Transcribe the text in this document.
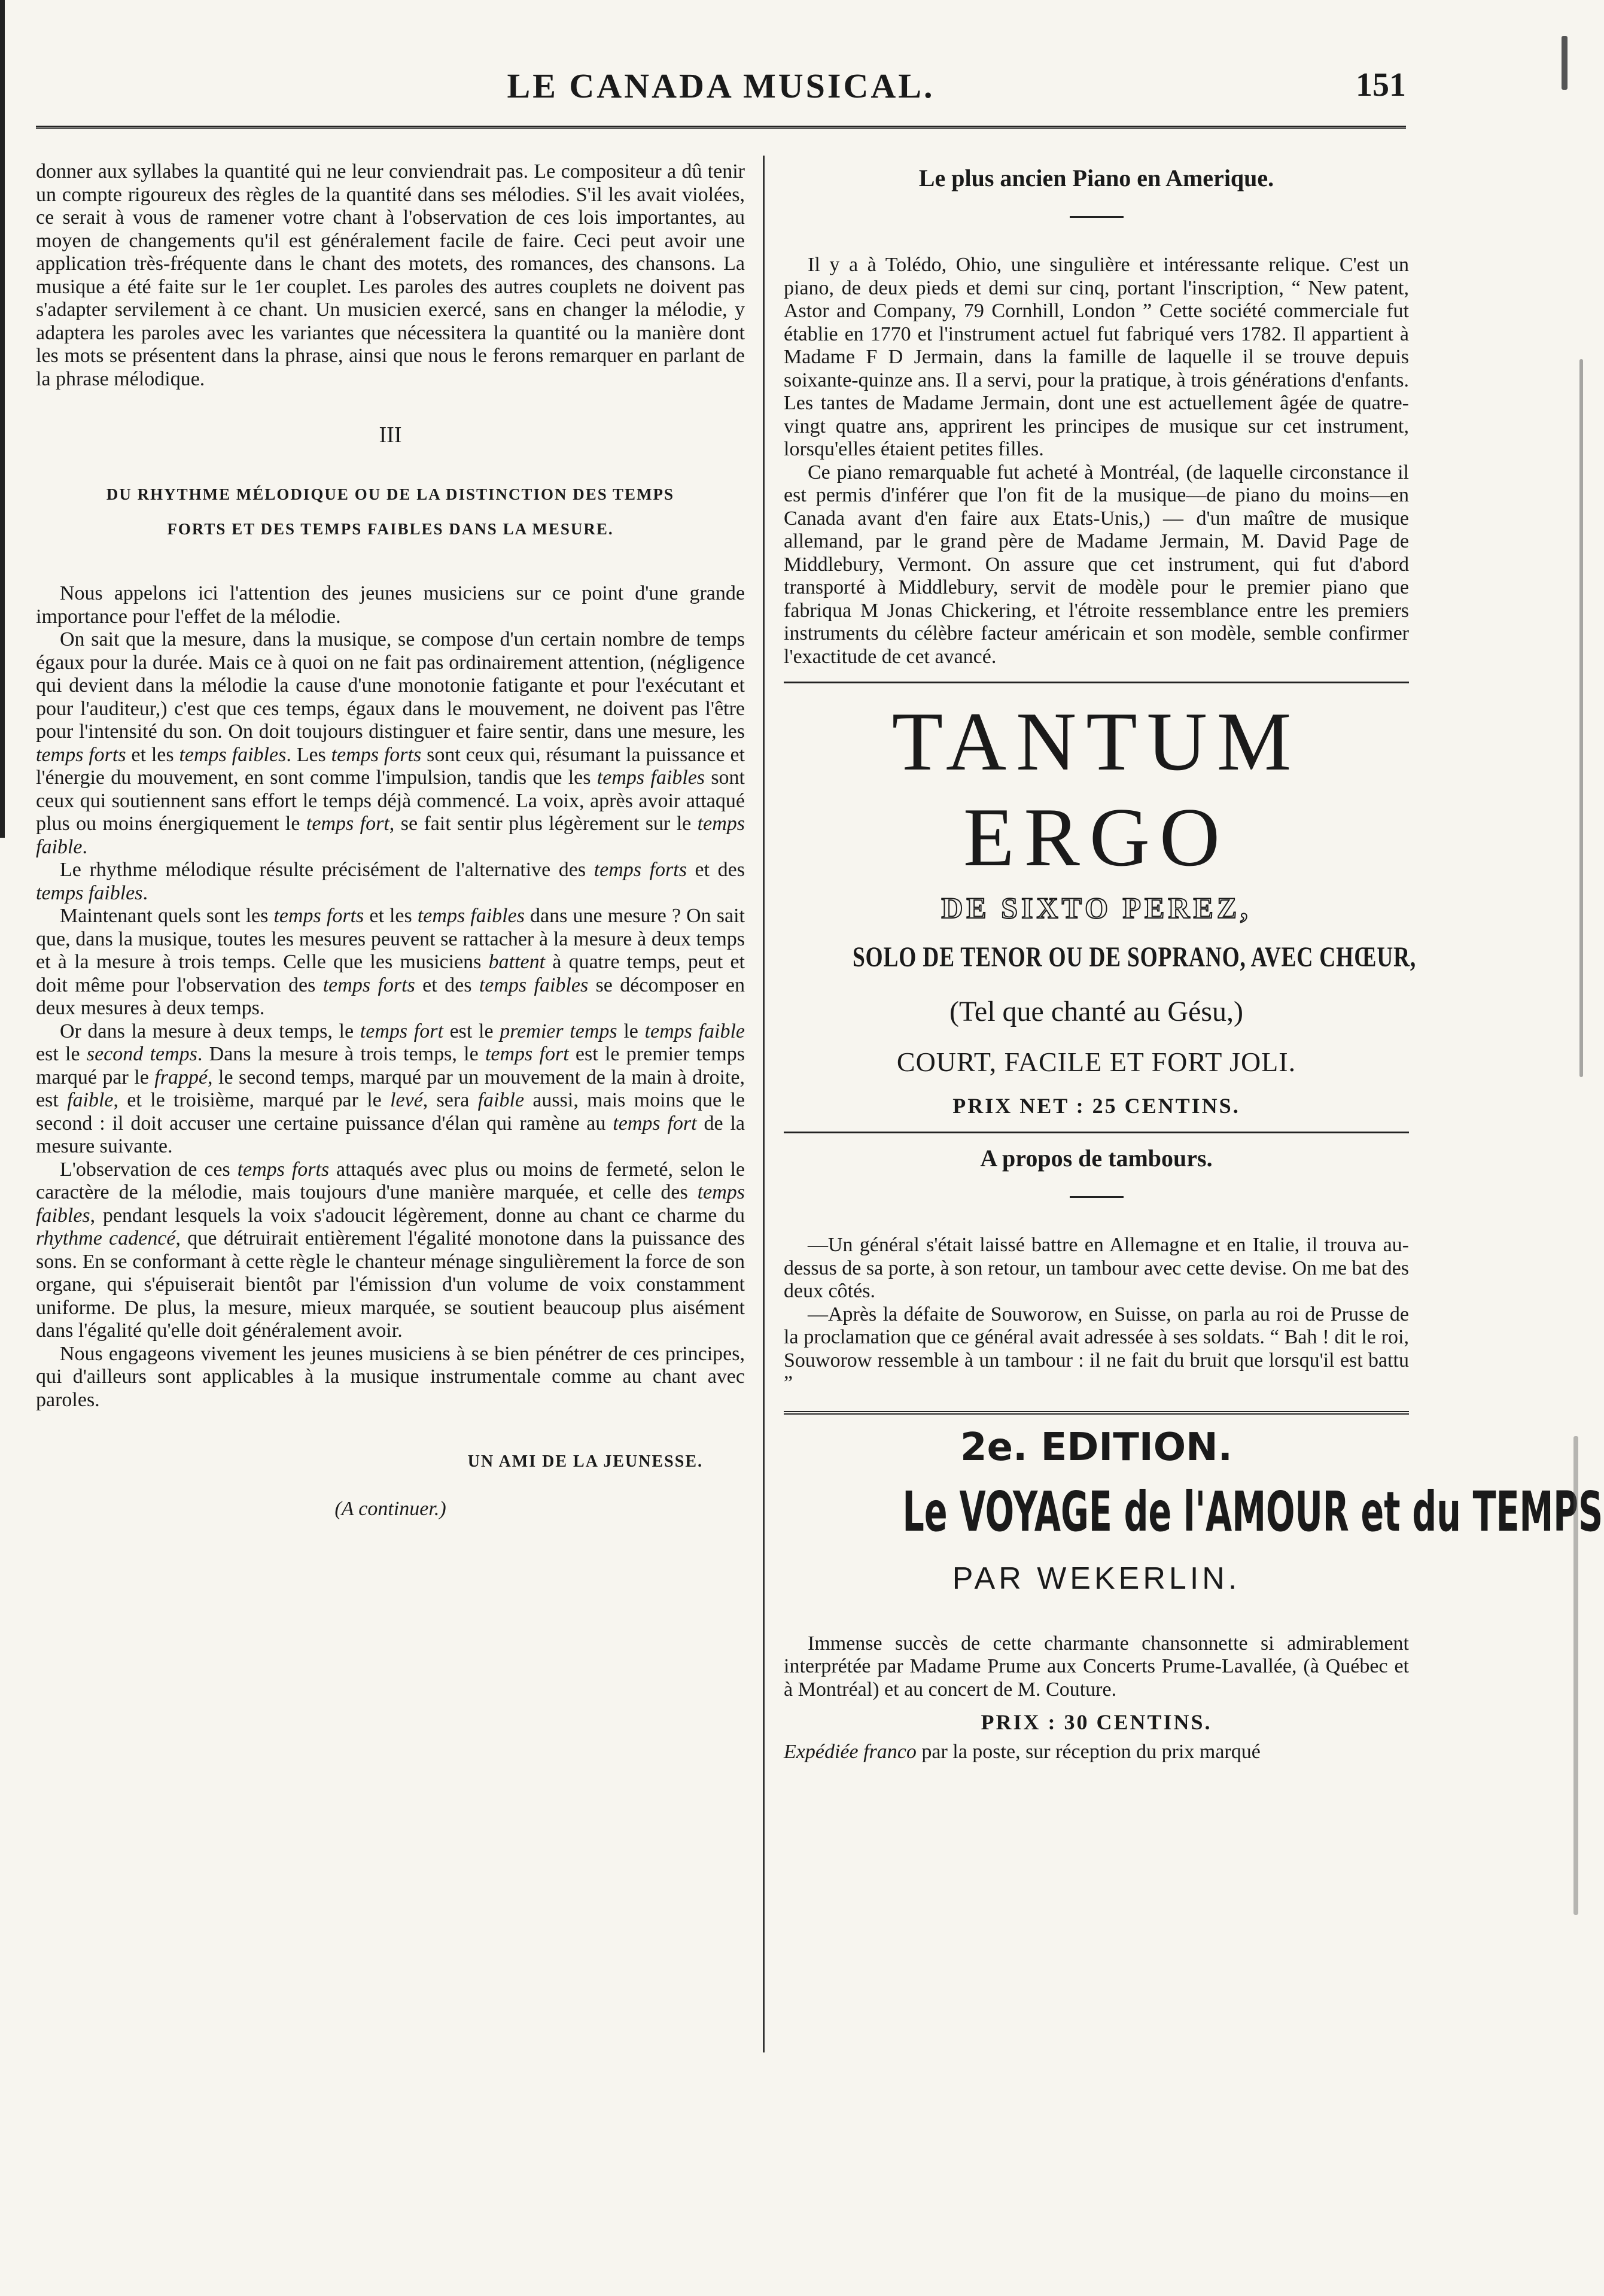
LE CANADA MUSICAL.	151

donner aux syllabes la quantité qui ne leur conviendrait pas. Le compositeur a dû tenir un compte rigoureux des règles de la quantité dans ses mélodies. S'il les avait violées, ce serait à vous de ramener votre chant à l'observation de ces lois importantes, au moyen de changements qu'il est généralement facile de faire. Ceci peut avoir une application très-fréquente dans le chant des motets, des romances, des chansons. La musique a été faite sur le 1er couplet. Les paroles des autres couplets ne doivent pas s'adapter servilement à ce chant. Un musicien exercé, sans en changer la mélodie, y adaptera les paroles avec les variantes que nécessitera la quantité ou la manière dont les mots se présentent dans la phrase, ainsi que nous le ferons remarquer en parlant de la phrase mélodique.

III
DU RHYTHME MÉLODIQUE OU DE LA DISTINCTION DES TEMPS
FORTS ET DES TEMPS FAIBLES DANS LA MESURE.

Nous appelons ici l'attention des jeunes musiciens sur ce point d'une grande importance pour l'effet de la mélodie.

On sait que la mesure, dans la musique, se compose d'un certain nombre de temps égaux pour la durée. Mais ce à quoi on ne fait pas ordinairement attention, (négligence qui devient dans la mélodie la cause d'une monotonie fatigante et pour l'exécutant et pour l'auditeur,) c'est que ces temps, égaux dans le mouvement, ne doivent pas l'être pour l'intensité du son. On doit toujours distinguer et faire sentir, dans une mesure, les temps forts et les temps faibles. Les temps forts sont ceux qui, résumant la puissance et l'énergie du mouvement, en sont comme l'impulsion, tandis que les temps faibles sont ceux qui soutiennent sans effort le temps déjà commencé. La voix, après avoir attaqué plus ou moins énergiquement le temps fort, se fait sentir plus légèrement sur le temps faible.

Le rhythme mélodique résulte précisément de l'alternative des temps forts et des temps faibles.

Maintenant quels sont les temps forts et les temps faibles dans une mesure ? On sait que, dans la musique, toutes les mesures peuvent se rattacher à la mesure à deux temps et à la mesure à trois temps. Celle que les musiciens battent à quatre temps, peut et doit même pour l'observation des temps forts et des temps faibles se décomposer en deux mesures à deux temps.

Or dans la mesure à deux temps, le temps fort est le premier temps le temps faible est le second temps. Dans la mesure à trois temps, le temps fort est le premier temps marqué par le frappé, le second temps, marqué par un mouvement de la main à droite, est faible, et le troisième, marqué par le levé, sera faible aussi, mais moins que le second : il doit accuser une certaine puissance d'élan qui ramène au temps fort de la mesure suivante.

L'observation de ces temps forts attaqués avec plus ou moins de fermeté, selon le caractère de la mélodie, mais toujours d'une manière marquée, et celle des temps faibles, pendant lesquels la voix s'adoucit légèrement, donne au chant ce charme du rhythme cadencé, que détruirait entièrement l'égalité monotone dans la puissance des sons. En se conformant à cette règle le chanteur ménage singulièrement la force de son organe, qui s'épuiserait bientôt par l'émission d'un volume de voix constamment uniforme. De plus, la mesure, mieux marquée, se soutient beaucoup plus aisément dans l'égalité qu'elle doit généralement avoir.

Nous engageons vivement les jeunes musiciens à se bien pénétrer de ces principes, qui d'ailleurs sont applicables à la musique instrumentale comme au chant avec paroles.

UN AMI DE LA JEUNESSE.
(A continuer.)
Le plus ancien Piano en Amerique.

Il y a à Tolédo, Ohio, une singulière et intéressante relique. C'est un piano, de deux pieds et demi sur cinq, portant l'inscription, “ New patent, Astor and Company, 79 Cornhill, London ” Cette société commerciale fut établie en 1770 et l'instrument actuel fut fabriqué vers 1782. Il appartient à Madame F D Jermain, dans la famille de laquelle il se trouve depuis soixante-quinze ans. Il a servi, pour la pratique, à trois générations d'enfants. Les tantes de Madame Jermain, dont une est actuellement âgée de quatre-vingt quatre ans, apprirent les principes de musique sur cet instrument, lorsqu'elles étaient petites filles.

Ce piano remarquable fut acheté à Montréal, (de laquelle circonstance il est permis d'inférer que l'on fit de la musique—de piano du moins—en Canada avant d'en faire aux Etats-Unis,) — d'un maître de musique allemand, par le grand père de Madame Jermain, M. David Page de Middlebury, Vermont. On assure que cet instrument, qui fut d'abord transporté à Middlebury, servit de modèle pour le premier piano que fabriqua M Jonas Chickering, et l'étroite ressemblance entre les premiers instruments du célèbre facteur américain et son modèle, semble confirmer l'exactitude de cet avancé.

TANTUM ERGO
DE SIXTO PEREZ,
SOLO DE TENOR OU DE SOPRANO, AVEC CHŒUR,
(Tel que chanté au Gésu,)
COURT, FACILE ET FORT JOLI.
PRIX NET : 25 CENTINS.
A propos de tambours.

—Un général s'était laissé battre en Allemagne et en Italie, il trouva au-dessus de sa porte, à son retour, un tambour avec cette devise. On me bat des deux côtés.

—Après la défaite de Souworow, en Suisse, on parla au roi de Prusse de la proclamation que ce général avait adressée à ses soldats. “ Bah ! dit le roi, Souworow ressemble à un tambour : il ne fait du bruit que lorsqu'il est battu ”

2e. EDITION.
Le VOYAGE de l'AMOUR et du TEMPS
PAR WEKERLIN.

Immense succès de cette charmante chansonnette si admirablement interprétée par Madame Prume aux Concerts Prume-Lavallée, (à Québec et à Montréal) et au concert de M. Couture.

PRIX : 30 CENTINS.

Expédiée franco par la poste, sur réception du prix marqué
